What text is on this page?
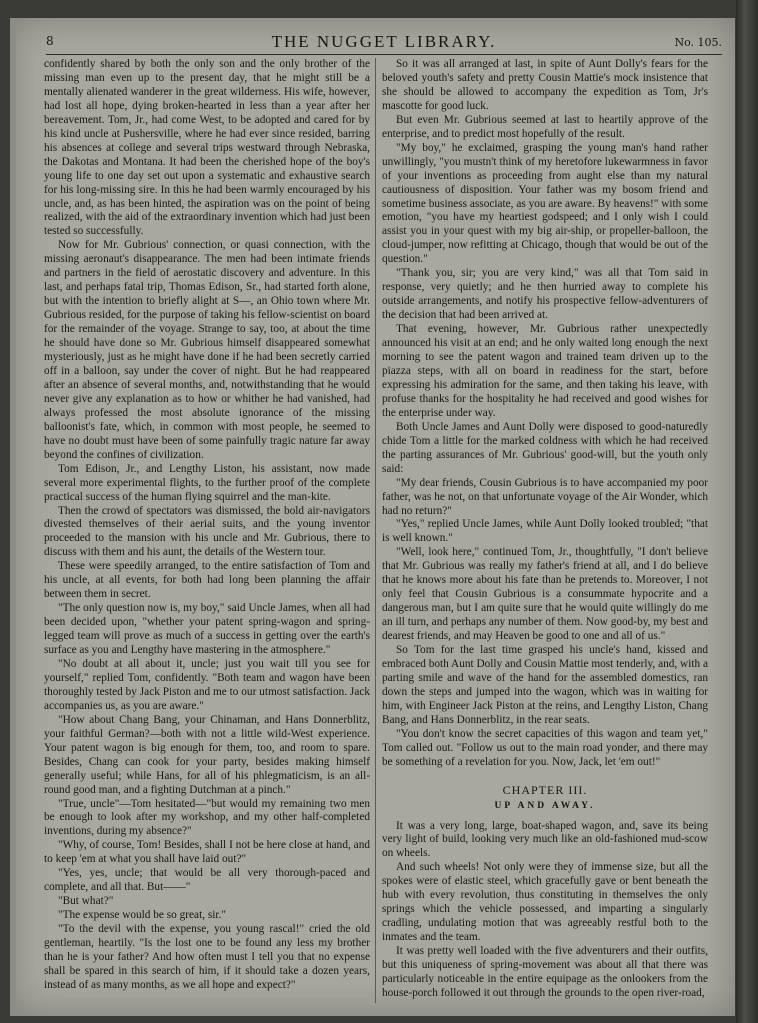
8	THE NUGGET LIBRARY.	No. 105.

confidently shared by both the only son and the only brother of the missing man even up to the present day, that he might still be a mentally alienated wanderer in the great wilderness. His wife, however, had lost all hope, dying broken-hearted in less than a year after her bereavement. Tom, Jr., had come West, to be adopted and cared for by his kind uncle at Pushersville, where he had ever since resided, barring his absences at college and several trips westward through Nebraska, the Dakotas and Montana. It had been the cherished hope of the boy's young life to one day set out upon a systematic and exhaustive search for his long-missing sire. In this he had been warmly encouraged by his uncle, and, as has been hinted, the aspiration was on the point of being realized, with the aid of the extraordinary invention which had just been tested so successfully.

Now for Mr. Gubrious' connection, or quasi connection, with the missing aeronaut's disappearance. The men had been intimate friends and partners in the field of aerostatic discovery and adventure. In this last, and perhaps fatal trip, Thomas Edison, Sr., had started forth alone, but with the intention to briefly alight at S—, an Ohio town where Mr. Gubrious resided, for the purpose of taking his fellow-scientist on board for the remainder of the voyage. Strange to say, too, at about the time he should have done so Mr. Gubrious himself disappeared somewhat mysteriously, just as he might have done if he had been secretly carried off in a balloon, say under the cover of night. But he had reappeared after an absence of several months, and, notwithstanding that he would never give any explanation as to how or whither he had vanished, had always professed the most absolute ignorance of the missing balloonist's fate, which, in common with most people, he seemed to have no doubt must have been of some painfully tragic nature far away beyond the confines of civilization.

Tom Edison, Jr., and Lengthy Liston, his assistant, now made several more experimental flights, to the further proof of the complete practical success of the human flying squirrel and the man-kite.

Then the crowd of spectators was dismissed, the bold air-navigators divested themselves of their aerial suits, and the young inventor proceeded to the mansion with his uncle and Mr. Gubrious, there to discuss with them and his aunt, the details of the Western tour.

These were speedily arranged, to the entire satisfaction of Tom and his uncle, at all events, for both had long been planning the affair between them in secret.

"The only question now is, my boy," said Uncle James, when all had been decided upon, "whether your patent spring-wagon and spring-legged team will prove as much of a success in getting over the earth's surface as you and Lengthy have mastering in the atmosphere."

"No doubt at all about it, uncle; just you wait till you see for yourself," replied Tom, confidently. "Both team and wagon have been thoroughly tested by Jack Piston and me to our utmost satisfaction. Jack accompanies us, as you are aware."

"How about Chang Bang, your Chinaman, and Hans Donnerblitz, your faithful German?—both with not a little wild-West experience. Your patent wagon is big enough for them, too, and room to spare. Besides, Chang can cook for your party, besides making himself generally useful; while Hans, for all of his phlegmaticism, is an all-round good man, and a fighting Dutchman at a pinch."

"True, uncle"—Tom hesitated—"but would my remaining two men be enough to look after my workshop, and my other half-completed inventions, during my absence?"

"Why, of course, Tom! Besides, shall I not be here close at hand, and to keep 'em at what you shall have laid out?"

"Yes, yes, uncle; that would be all very thorough-paced and complete, and all that. But——"

"But what?"

"The expense would be so great, sir."

"To the devil with the expense, you young rascal!" cried the old gentleman, heartily. "Is the lost one to be found any less my brother than he is your father? And how often must I tell you that no expense shall be spared in this search of him, if it should take a dozen years, instead of as many months, as we all hope and expect?"

So it was all arranged at last, in spite of Aunt Dolly's fears for the beloved youth's safety and pretty Cousin Mattie's mock insistence that she should be allowed to accompany the expedition as Tom, Jr's mascotte for good luck.

But even Mr. Gubrious seemed at last to heartily approve of the enterprise, and to predict most hopefully of the result.

"My boy," he exclaimed, grasping the young man's hand rather unwillingly, "you mustn't think of my heretofore lukewarmness in favor of your inventions as proceeding from aught else than my natural cautiousness of disposition. Your father was my bosom friend and sometime business associate, as you are aware. By heavens!" with some emotion, "you have my heartiest godspeed; and I only wish I could assist you in your quest with my big air-ship, or propeller-balloon, the cloud-jumper, now refitting at Chicago, though that would be out of the question."

"Thank you, sir; you are very kind," was all that Tom said in response, very quietly; and he then hurried away to complete his outside arrangements, and notify his prospective fellow-adventurers of the decision that had been arrived at.

That evening, however, Mr. Gubrious rather unexpectedly announced his visit at an end; and he only waited long enough the next morning to see the patent wagon and trained team driven up to the piazza steps, with all on board in readiness for the start, before expressing his admiration for the same, and then taking his leave, with profuse thanks for the hospitality he had received and good wishes for the enterprise under way.

Both Uncle James and Aunt Dolly were disposed to good-naturedly chide Tom a little for the marked coldness with which he had received the parting assurances of Mr. Gubrious' good-will, but the youth only said:

"My dear friends, Cousin Gubrious is to have accompanied my poor father, was he not, on that unfortunate voyage of the Air Wonder, which had no return?"

"Yes," replied Uncle James, while Aunt Dolly looked troubled; "that is well known."

"Well, look here," continued Tom, Jr., thoughtfully, "I don't believe that Mr. Gubrious was really my father's friend at all, and I do believe that he knows more about his fate than he pretends to. Moreover, I not only feel that Cousin Gubrious is a consummate hypocrite and a dangerous man, but I am quite sure that he would quite willingly do me an ill turn, and perhaps any number of them. Now good-by, my best and dearest friends, and may Heaven be good to one and all of us."

So Tom for the last time grasped his uncle's hand, kissed and embraced both Aunt Dolly and Cousin Mattie most tenderly, and, with a parting smile and wave of the hand for the assembled domestics, ran down the steps and jumped into the wagon, which was in waiting for him, with Engineer Jack Piston at the reins, and Lengthy Liston, Chang Bang, and Hans Donnerblitz, in the rear seats.

"You don't know the secret capacities of this wagon and team yet," Tom called out. "Follow us out to the main road yonder, and there may be something of a revelation for you. Now, Jack, let 'em out!"

CHAPTER III.
UP AND AWAY.

It was a very long, large, boat-shaped wagon, and, save its being very light of build, looking very much like an old-fashioned mud-scow on wheels.

And such wheels! Not only were they of immense size, but all the spokes were of elastic steel, which gracefully gave or bent beneath the hub with every revolution, thus constituting in themselves the only springs which the vehicle possessed, and imparting a singularly cradling, undulating motion that was agreeably restful both to the inmates and the team.

It was pretty well loaded with the five adventurers and their outfits, but this uniqueness of spring-movement was about all that there was particularly noticeable in the entire equipage as the onlookers from the house-porch followed it out through the grounds to the open river-road,
